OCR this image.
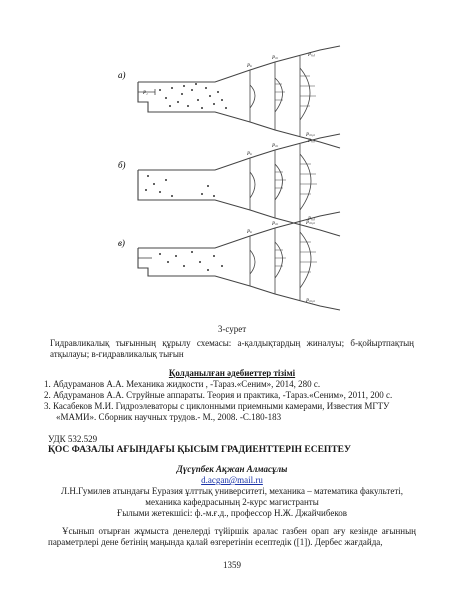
а)
P₁
Pₖ
Pₘ
P₍ᵤ₎
Pₘᵢₙ
б)
Pₖ
Pₘ
P₍ᵤ₎
Pₘᵢₙ
в)
Pₖ
Pₘ
P₍ᵤ₎
Pₘᵢₙ
3-сурет
Гидравликалық тығынның құрылу схемасы: а-қалдықтардың жиналуы; б-қойыртпақтың атқылауы; в-гидравликалық тығын
Қолданылған әдебиеттер тізімі
1. Абдураманов А.А. Механика жидкости , -Тараз.«Сеним», 2014, 280 с.
2. Абдураманов А.А. Струйные аппараты. Теория и практика, -Тараз.«Сеним», 2011, 200 с.
3. Касабеков М.И. Гидроэлеваторы с циклонными приемными камерами, Известия МГТУ
«МАМИ». Сборник научных трудов.- М., 2008. -С.180-183
УДК 532.529
ҚОС ФАЗАЛЫ АҒЫНДАҒЫ ҚЫСЫМ ГРАДИЕНТТЕРІН ЕСЕПТЕУ
Дүсүпбек Ақжан Алмасұлы
d.acgan@mail.ru
Л.Н.Гумилев атындағы Еуразия ұлттық университеті, механика – математика факультеті,
механика кафедрасының 2-курс магистранты
Ғылыми жетекшісі: ф.-м.ғ.д., профессор Н.Ж. Джайчибеков
Ұсынып отырған жұмыста денелерді түйіршік аралас газбен орап ағу кезінде ағынның параметрлері дене бетінің маңында қалай өзгеретінін есептедік ([1]). Дербес жағдайда,
1359
